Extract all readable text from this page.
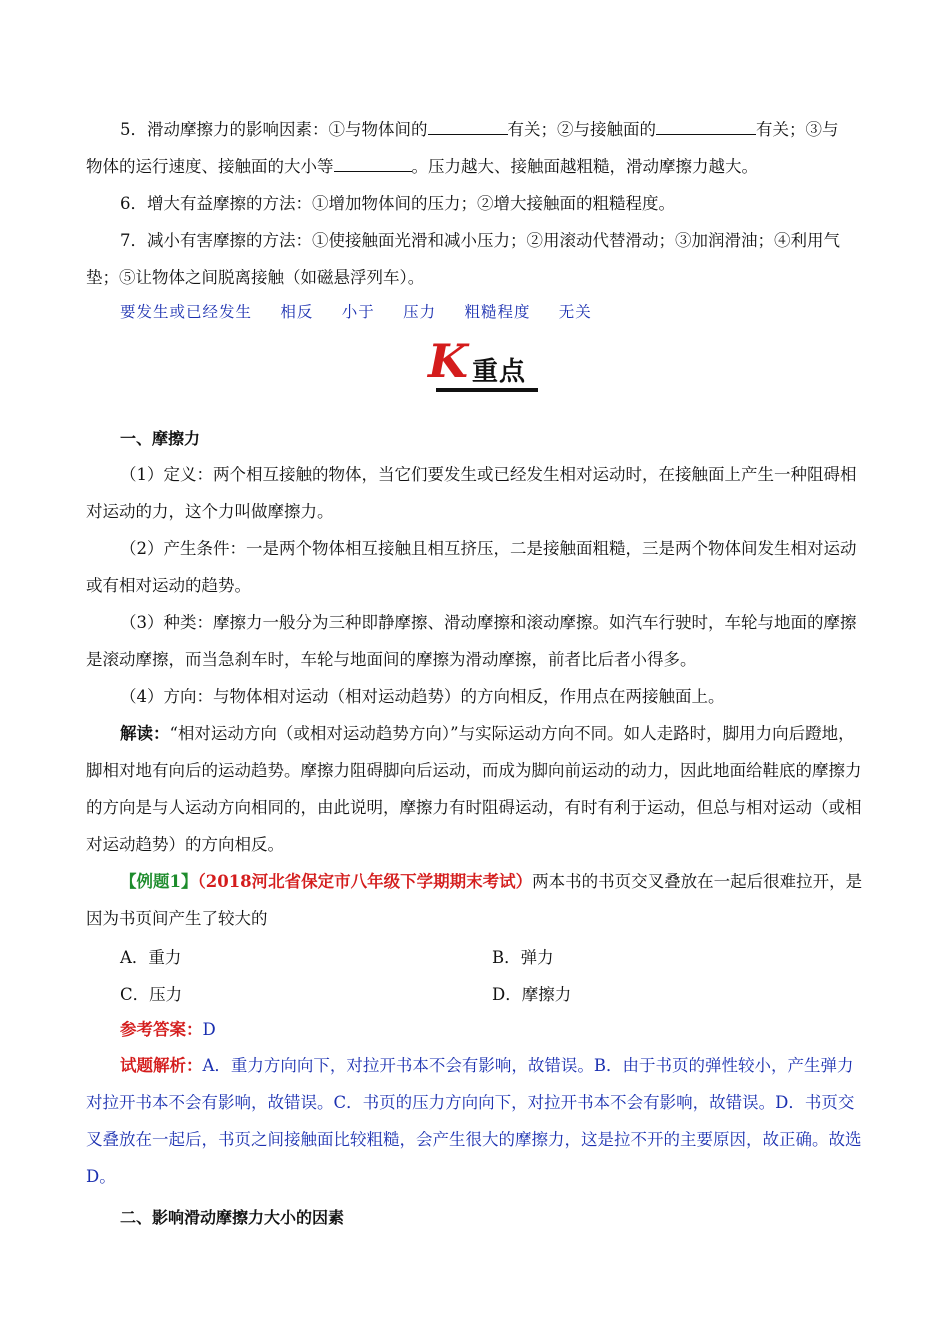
5．滑动摩擦力的影响因素：①与物体间的	有关；②与接触面的	有关；③与
物体的运行速度、接触面的大小等	。压力越大、接触面越粗糙，滑动摩擦力越大。

6．增大有益摩擦的方法：①增加物体间的压力；②增大接触面的粗糙程度。

7．减小有害摩擦的方法：①使接触面光滑和减小压力；②用滚动代替滑动；③加润滑油；④利用气
垫；⑤让物体之间脱离接触（如磁悬浮列车）。

要发生或已经发生 相反 小于 压力 粗糙程度 无关
K 重点
一、摩擦力

（1）定义：两个相互接触的物体，当它们要发生或已经发生相对运动时，在接触面上产生一种阻碍相对运动的力，这个力叫做摩擦力。

（2）产生条件：一是两个物体相互接触且相互挤压，二是接触面粗糙，三是两个物体间发生相对运动或有相对运动的趋势。

（3）种类：摩擦力一般分为三种即静摩擦、滑动摩擦和滚动摩擦。如汽车行驶时，车轮与地面的摩擦是滚动摩擦，而当急刹车时，车轮与地面间的摩擦为滑动摩擦，前者比后者小得多。

（4）方向：与物体相对运动（相对运动趋势）的方向相反，作用点在两接触面上。

解读：“相对运动方向（或相对运动趋势方向）”与实际运动方向不同。如人走路时，脚用力向后蹬地，脚相对地有向后的运动趋势。摩擦力阻碍脚向后运动，而成为脚向前运动的动力，因此地面给鞋底的摩擦力的方向是与人运动方向相同的，由此说明，摩擦力有时阻碍运动，有时有利于运动，但总与相对运动（或相对运动趋势）的方向相反。

【例题1】（2018河北省保定市八年级下学期期末考试）两本书的书页交叉叠放在一起后很难拉开，是因为书页间产生了较大的

A．重力	B．弹力
C．压力	D．摩擦力
参考答案：D

试题解析：A．重力方向向下，对拉开书本不会有影响，故错误。B．由于书页的弹性较小，产生弹力对拉开书本不会有影响，故错误。C．书页的压力方向向下，对拉开书本不会有影响，故错误。D．书页交叉叠放在一起后，书页之间接触面比较粗糙，会产生很大的摩擦力，这是拉不开的主要原因，故正确。故选D。

二、影响滑动摩擦力大小的因素
